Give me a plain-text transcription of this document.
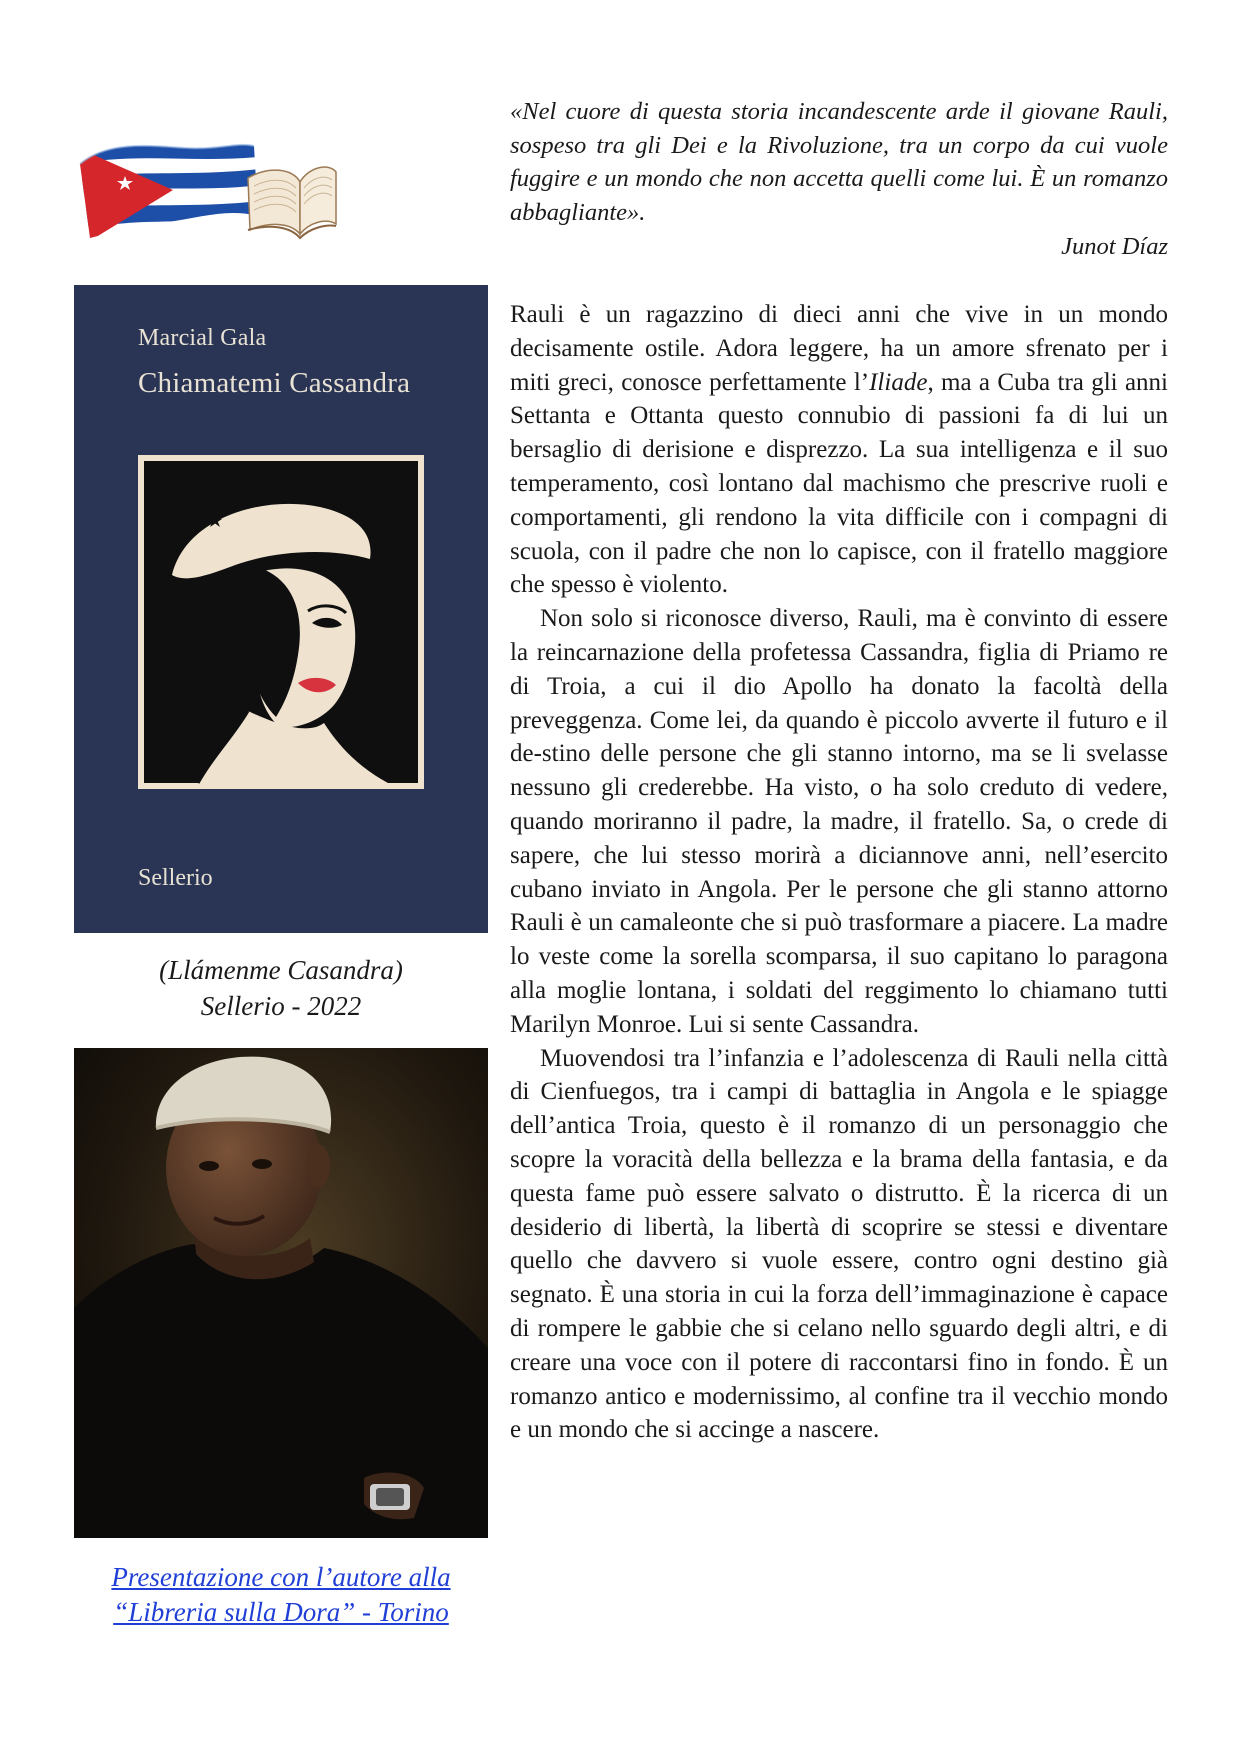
«Nel cuore di questa storia incandescente arde il giovane Rauli, sospeso tra gli Dei e la Rivoluzione, tra un corpo da cui vuole fuggire e un mondo che non accetta quelli come lui. È un romanzo abbagliante».
Junot Díaz
Marcial Gala
Chiamatemi Cassandra
Sellerio
(Llámenme Casandra)
Sellerio - 2022
Presentazione con l’autore alla
“Libreria sulla Dora” - Torino

Rauli è un ragazzino di dieci anni che vive in un mondo decisamente ostile. Adora leggere, ha un amore sfrenato per i miti greci, conosce perfettamente l’Iliade, ma a Cuba tra gli anni Settanta e Ottanta questo connubio di passioni fa di lui un bersaglio di derisione e disprezzo. La sua intelligenza e il suo temperamento, così lontano dal machismo che prescrive ruoli e comportamenti, gli rendono la vita difficile con i compagni di scuola, con il padre che non lo capisce, con il fratello maggiore che spesso è violento.

Non solo si riconosce diverso, Rauli, ma è convinto di essere la reincarnazione della profetessa Cassandra, figlia di Priamo re di Troia, a cui il dio Apollo ha donato la facoltà della preveggenza. Come lei, da quando è piccolo avverte il futuro e il de-stino delle persone che gli stanno intorno, ma se li svelasse nessuno gli crederebbe. Ha visto, o ha solo creduto di vedere, quando moriranno il padre, la madre, il fratello. Sa, o crede di sapere, che lui stesso morirà a diciannove anni, nell’esercito cubano inviato in Angola. Per le persone che gli stanno attorno Rauli è un camaleonte che si può trasformare a piacere. La madre lo veste come la sorella scomparsa, il suo capitano lo paragona alla moglie lontana, i soldati del reggimento lo chiamano tutti Marilyn Monroe. Lui si sente Cassandra.

Muovendosi tra l’infanzia e l’adolescenza di Rauli nella città di Cienfuegos, tra i campi di battaglia in Angola e le spiagge dell’antica Troia, questo è il romanzo di un personaggio che scopre la voracità della bellezza e la brama della fantasia, e da questa fame può essere salvato o distrutto. È la ricerca di un desiderio di libertà, la libertà di scoprire se stessi e diventare quello che davvero si vuole essere, contro ogni destino già segnato. È una storia in cui la forza dell’immaginazione è capace di rompere le gabbie che si celano nello sguardo degli altri, e di creare una voce con il potere di raccontarsi fino in fondo. È un romanzo antico e modernissimo, al confine tra il vecchio mondo e un mondo che si accinge a nascere.
